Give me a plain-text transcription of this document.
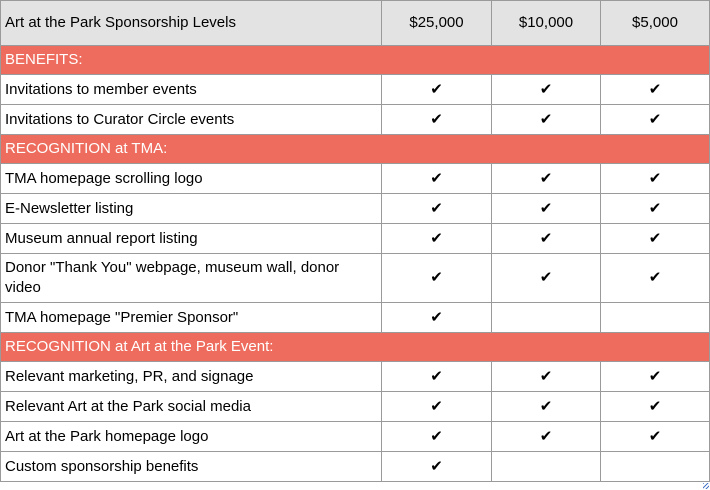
Art at the Park Sponsorship Levels	$25,000	$10,000	$5,000
BENEFITS:			
Invitations to member events	✔	✔	✔
Invitations to Curator Circle events	✔	✔	✔
RECOGNITION at TMA:			
TMA homepage scrolling logo	✔	✔	✔
E-Newsletter listing	✔	✔	✔
Museum annual report listing	✔	✔	✔
Donor "Thank You" webpage, museum wall, donor video	✔	✔	✔
TMA homepage "Premier Sponsor"	✔		
RECOGNITION at Art at the Park Event:			
Relevant marketing, PR, and signage	✔	✔	✔
Relevant Art at the Park social media	✔	✔	✔
Art at the Park homepage logo	✔	✔	✔
Custom sponsorship benefits	✔		
